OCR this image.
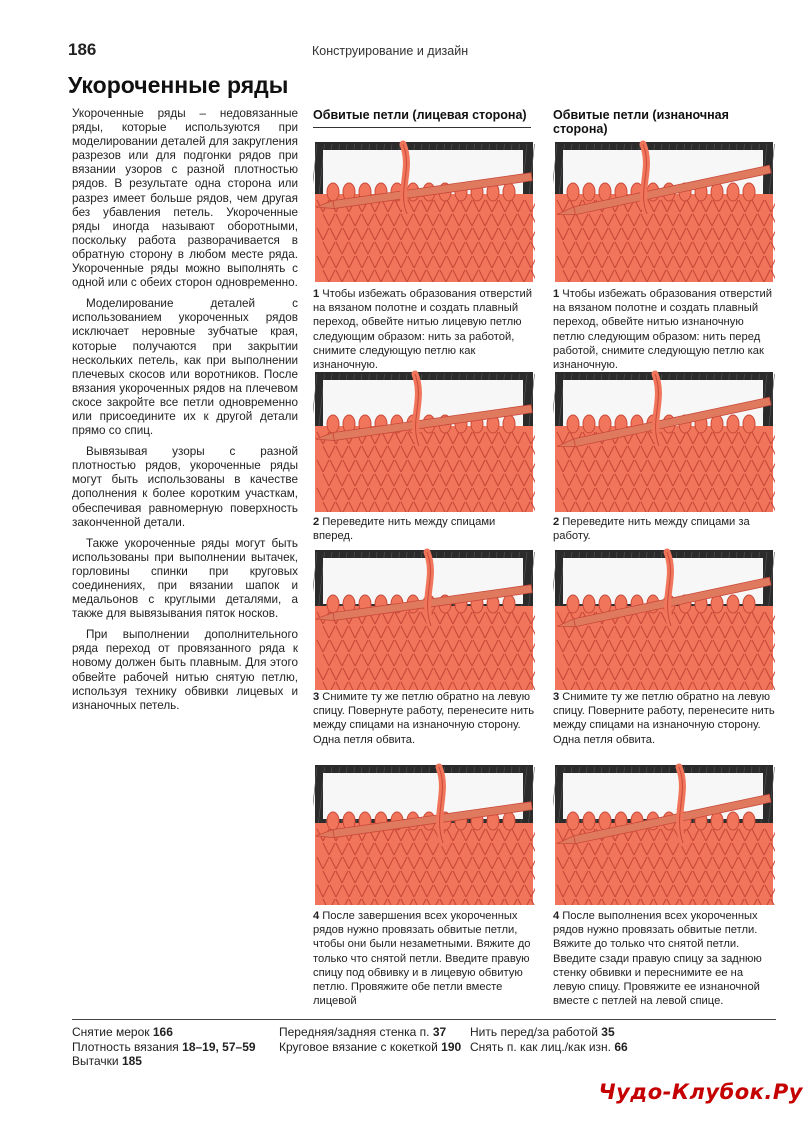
186	Конструирование и дизайн
Укороченные ряды

Укороченные ряды – недовязанные ряды, которые используются при моделировании деталей для закругления разрезов или для подгонки рядов при вязании узоров с разной плотностью рядов. В результате одна сторона или разрез имеет больше рядов, чем другая без убавления петель. Укороченные ряды иногда называют оборотными, поскольку работа разворачивается в обратную сторону в любом месте ряда. Укороченные ряды можно выполнять с одной или с обеих сторон одновременно.

Моделирование деталей с использованием укороченных рядов исключает неровные зубчатые края, которые получаются при закрытии нескольких петель, как при выполнении плечевых скосов или воротников. После вязания укороченных рядов на плечевом скосе закройте все петли одновременно или присоедините их к другой детали прямо со спиц.

Вывязывая узоры с разной плотностью рядов, укороченные ряды могут быть использованы в качестве дополнения к более коротким участкам, обеспечивая равномерную поверхность законченной детали.

Также укороченные ряды могут быть использованы при выполнении вытачек, горловины спинки при круговых соединениях, при вязании шапок и медальонов с круглыми деталями, а также для вывязывания пяток носков.

При выполнении дополнительного ряда переход от провязанного ряда к новому должен быть плавным. Для этого обвейте рабочей нитью снятую петлю, используя технику обвивки лицевых и изнаночных петель.

Обвитые петли (лицевая сторона)	Обвитые петли (изнаночная сторона)
1 Чтобы избежать образования отверстий на вязаном полотне и создать плавный переход, обвейте нитью лицевую петлю следующим образом: нить за работой, снимите следующую петлю как изнаночную.
2 Переведите нить между спицами вперед.
3 Снимите ту же петлю обратно на левую спицу. Повернуте работу, перенесите нить между спицами на изнаночную сторону. Одна петля обвита.
4 После завершения всех укороченных рядов нужно провязать обвитые петли, чтобы они были незаметными. Вяжите до только что снятой петли. Введите правую спицу под обвивку и в лицевую обвитую петлю. Провяжите обе петли вместе лицевой
1 Чтобы избежать образования отверстий на вязаном полотне и создать плавный переход, обвейте нитью изнаночную петлю следующим образом: нить перед работой, снимите следующую петлю как изнаночную.
2 Переведите нить между спицами за работу.
3 Снимите ту же петлю обратно на левую спицу. Поверните работу, перенесите нить между спицами на изнаночную сторону. Одна петля обвита.
4 После выполнения всех укороченных рядов нужно провязать обвитые петли. Вяжите до только что снятой петли. Введите сзади правую спицу за заднюю стенку обвивки и переснимите ее на левую спицу. Провяжите ее изнаночной вместе с петлей на левой спице.
Снятие мерок 166
Плотность вязания 18–19, 57–59
Вытачки 185
Передняя/задняя стенка п. 37
Круговое вязание с кокеткой 190
Нить перед/за работой 35
Снять п. как лиц./как изн. 66
Чудо-Клубок.Ру
